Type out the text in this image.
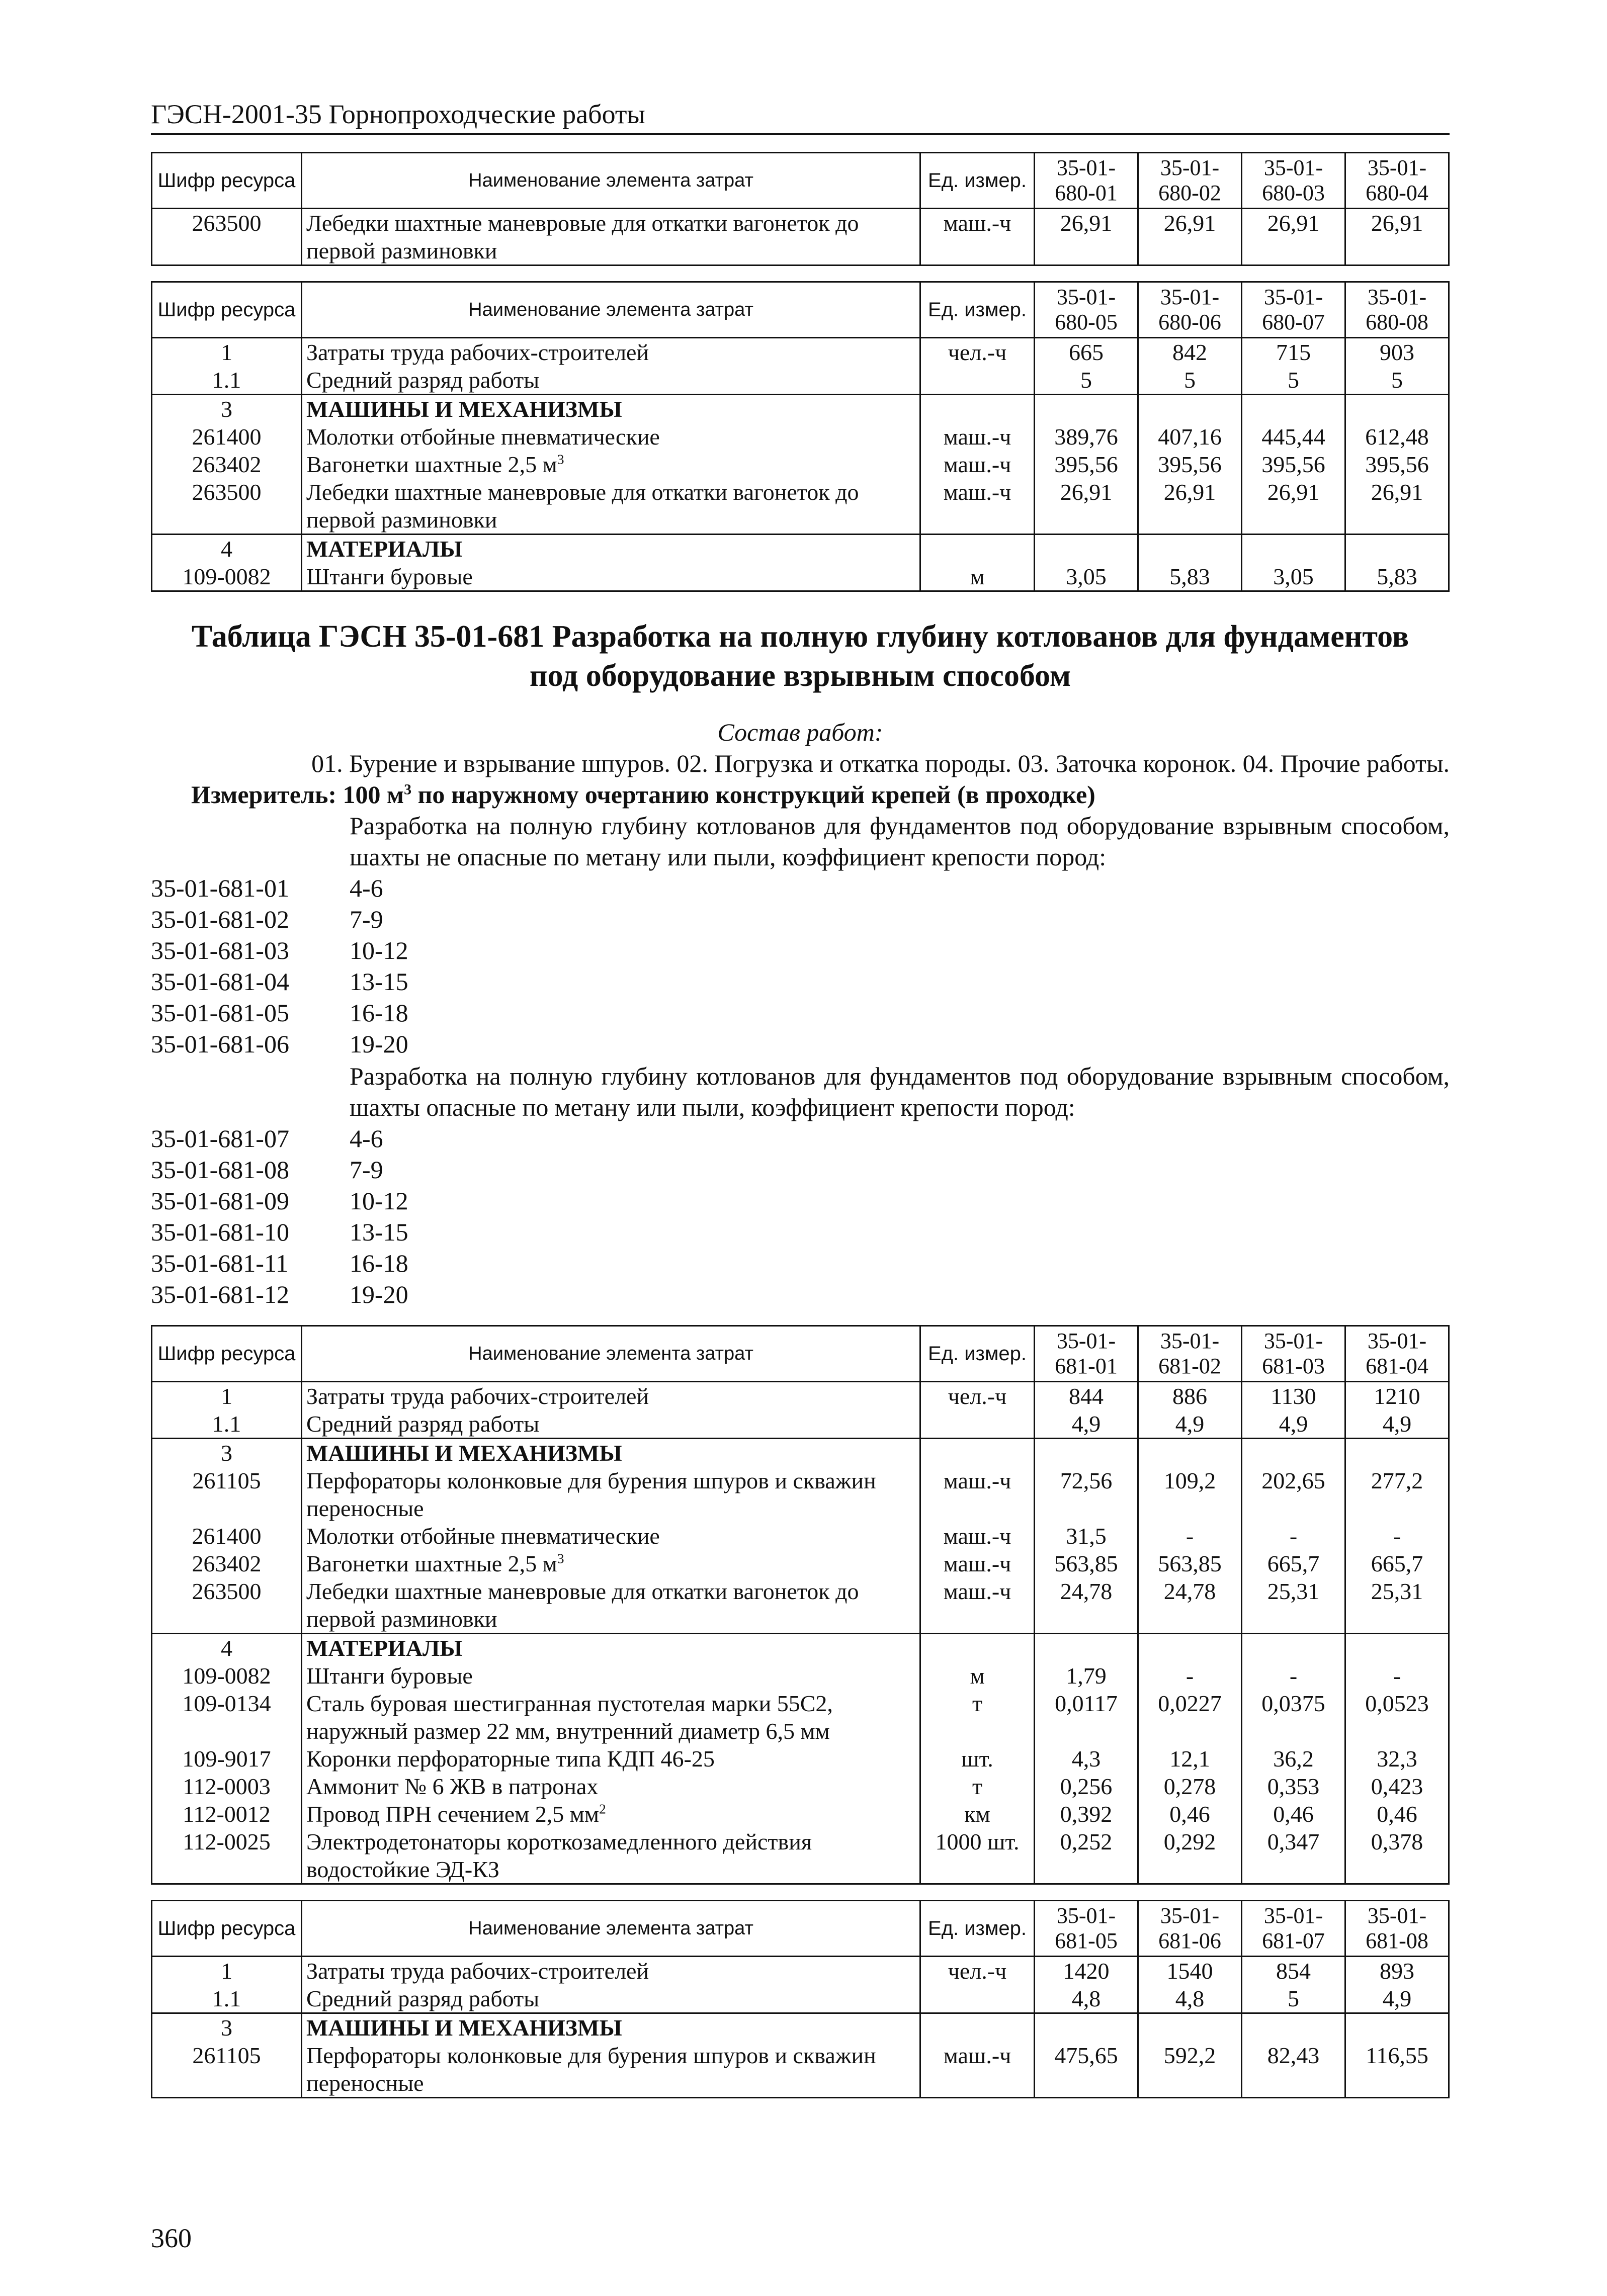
ГЭСН-2001-35 Горнопроходческие работы
Шифр ресурса	Наименование элемента затрат	Ед. измер.	35-01-680-01	35-01-680-02	35-01-680-03	35-01-680-04
263500	Лебедки шахтные маневровые для откатки вагонеток до первой разминовки	маш.-ч	26,91	26,91	26,91	26,91
Шифр ресурса	Наименование элемента затрат	Ед. измер.	35-01-680-05	35-01-680-06	35-01-680-07	35-01-680-08
1	Затраты труда рабочих-строителей	чел.-ч	665	842	715	903
1.1	Средний разряд работы		5	5	5	5
3	МАШИНЫ И МЕХАНИЗМЫ					
261400	Молотки отбойные пневматические	маш.-ч	389,76	407,16	445,44	612,48
263402	Вагонетки шахтные 2,5 $м^3$	маш.-ч	395,56	395,56	395,56	395,56
263500	Лебедки шахтные маневровые для откатки вагонеток до первой разминовки	маш.-ч	26,91	26,91	26,91	26,91
4	МАТЕРИАЛЫ					
109-0082	Штанги буровые	м	3,05	5,83	3,05	5,83
Таблица ГЭСН 35-01-681 Разработка на полную глубину котлованов для фундаментов
под оборудование взрывным способом
Состав работ:
01. Бурение и взрывание шпуров. 02. Погрузка и откатка породы. 03. Заточка коронок. 04. Прочие работы.
Измеритель: 100 $м^3$ по наружному очертанию конструкций крепей (в проходке)
Разработка на полную глубину котлованов для фундаментов под оборудование взрывным способом, шахты не опасные по метану или пыли, коэффициент крепости пород:
35-01-681-01	4-6
35-01-681-02	7-9
35-01-681-03	10-12
35-01-681-04	13-15
35-01-681-05	16-18
35-01-681-06	19-20
Разработка на полную глубину котлованов для фундаментов под оборудование взрывным способом, шахты опасные по метану или пыли, коэффициент крепости пород:
35-01-681-07	4-6
35-01-681-08	7-9
35-01-681-09	10-12
35-01-681-10	13-15
35-01-681-11	16-18
35-01-681-12	19-20
Шифр ресурса	Наименование элемента затрат	Ед. измер.	35-01-681-01	35-01-681-02	35-01-681-03	35-01-681-04
1	Затраты труда рабочих-строителей	чел.-ч	844	886	1130	1210
1.1	Средний разряд работы		4,9	4,9	4,9	4,9
3	МАШИНЫ И МЕХАНИЗМЫ					
261105	Перфораторы колонковые для бурения шпуров и скважин переносные	маш.-ч	72,56	109,2	202,65	277,2
261400	Молотки отбойные пневматические	маш.-ч	31,5	-	-	-
263402	Вагонетки шахтные 2,5 $м^3$	маш.-ч	563,85	563,85	665,7	665,7
263500	Лебедки шахтные маневровые для откатки вагонеток до первой разминовки	маш.-ч	24,78	24,78	25,31	25,31
4	МАТЕРИАЛЫ					
109-0082	Штанги буровые	м	1,79	-	-	-
109-0134	Сталь буровая шестигранная пустотелая марки 55С2, наружный размер 22 мм, внутренний диаметр 6,5 мм	т	0,0117	0,0227	0,0375	0,0523
109-9017	Коронки перфораторные типа КДП 46-25	шт.	4,3	12,1	36,2	32,3
112-0003	Аммонит № 6 ЖВ в патронах	т	0,256	0,278	0,353	0,423
112-0012	Провод ПРН сечением 2,5 $мм^2$	км	0,392	0,46	0,46	0,46
112-0025	Электродетонаторы короткозамедленного действия водостойкие ЭД-КЗ	1000 шт.	0,252	0,292	0,347	0,378
Шифр ресурса	Наименование элемента затрат	Ед. измер.	35-01-681-05	35-01-681-06	35-01-681-07	35-01-681-08
1	Затраты труда рабочих-строителей	чел.-ч	1420	1540	854	893
1.1	Средний разряд работы		4,8	4,8	5	4,9
3	МАШИНЫ И МЕХАНИЗМЫ					
261105	Перфораторы колонковые для бурения шпуров и скважин переносные	маш.-ч	475,65	592,2	82,43	116,55
360
